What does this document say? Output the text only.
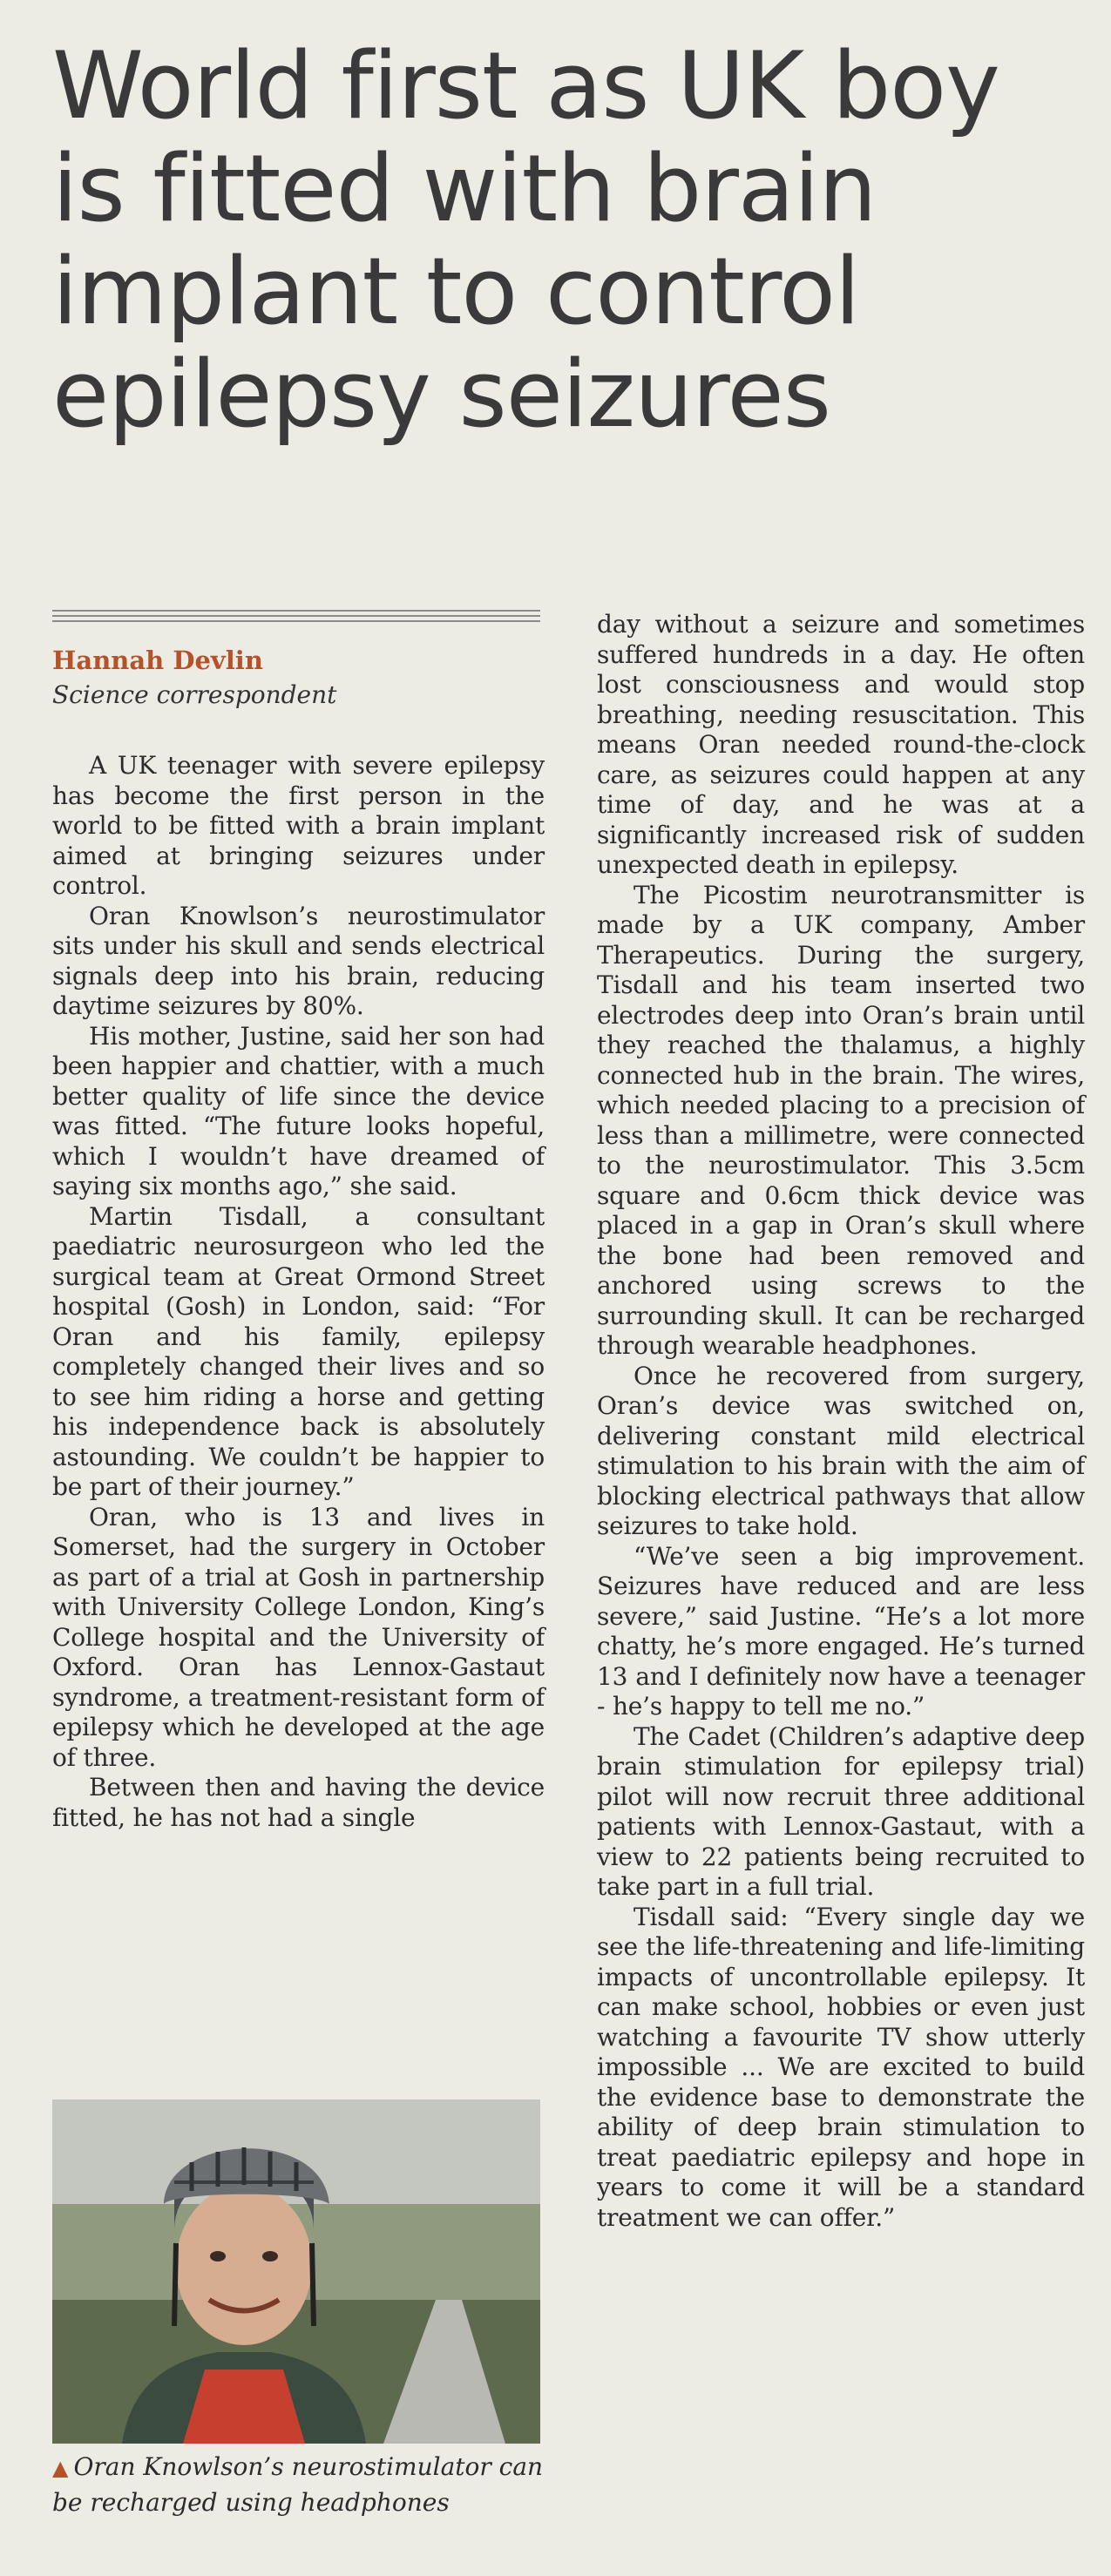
World first as UK boy
is fitted with brain
implant to control
epilepsy seizures
Hannah Devlin
Science correspondent

A UK teenager with severe epilepsy has become the first person in the world to be fitted with a brain implant aimed at bringing seizures under control.

Oran Knowlson’s neurostimulator sits under his skull and sends electrical signals deep into his brain, reducing daytime seizures by 80%.

His mother, Justine, said her son had been happier and chattier, with a much better quality of life since the device was fitted. “The future looks hopeful, which I wouldn’t have dreamed of saying six months ago,” she said.

Martin Tisdall, a consultant paediatric neurosurgeon who led the surgical team at Great Ormond Street hospital (Gosh) in London, said: “For Oran and his family, epilepsy completely changed their lives and so to see him riding a horse and getting his independence back is absolutely astounding. We couldn’t be happier to be part of their journey.”

Oran, who is 13 and lives in Somerset, had the surgery in October as part of a trial at Gosh in partnership with University College London, King’s College hospital and the University of Oxford. Oran has Lennox-Gastaut syndrome, a treatment-resistant form of epilepsy which he developed at the age of three.

Between then and having the device fitted, he has not had a single

▲ Oran Knowlson’s neurostimulator can be recharged using headphones

day without a seizure and sometimes suffered hundreds in a day. He often lost consciousness and would stop breathing, needing resuscitation. This means Oran needed round-the-clock care, as seizures could happen at any time of day, and he was at a significantly increased risk of sudden unexpected death in epilepsy.

The Picostim neurotransmitter is made by a UK company, Amber Therapeutics. During the surgery, Tisdall and his team inserted two electrodes deep into Oran’s brain until they reached the thalamus, a highly connected hub in the brain. The wires, which needed placing to a precision of less than a millimetre, were connected to the neurostimulator. This 3.5cm square and 0.6cm thick device was placed in a gap in Oran’s skull where the bone had been removed and anchored using screws to the surrounding skull. It can be recharged through wearable headphones.

Once he recovered from surgery, Oran’s device was switched on, delivering constant mild electrical stimulation to his brain with the aim of blocking electrical pathways that allow seizures to take hold.

“We’ve seen a big improvement. Seizures have reduced and are less severe,” said Justine. “He’s a lot more chatty, he’s more engaged. He’s turned 13 and I definitely now have a teenager - he’s happy to tell me no.”

The Cadet (Children’s adaptive deep brain stimulation for epilepsy trial) pilot will now recruit three additional patients with Lennox-Gastaut, with a view to 22 patients being recruited to take part in a full trial.

Tisdall said: “Every single day we see the life-threatening and life-limiting impacts of uncontrollable epilepsy. It can make school, hobbies or even just watching a favourite TV show utterly impossible ... We are excited to build the evidence base to demonstrate the ability of deep brain stimulation to treat paediatric epilepsy and hope in years to come it will be a standard treatment we can offer.”
